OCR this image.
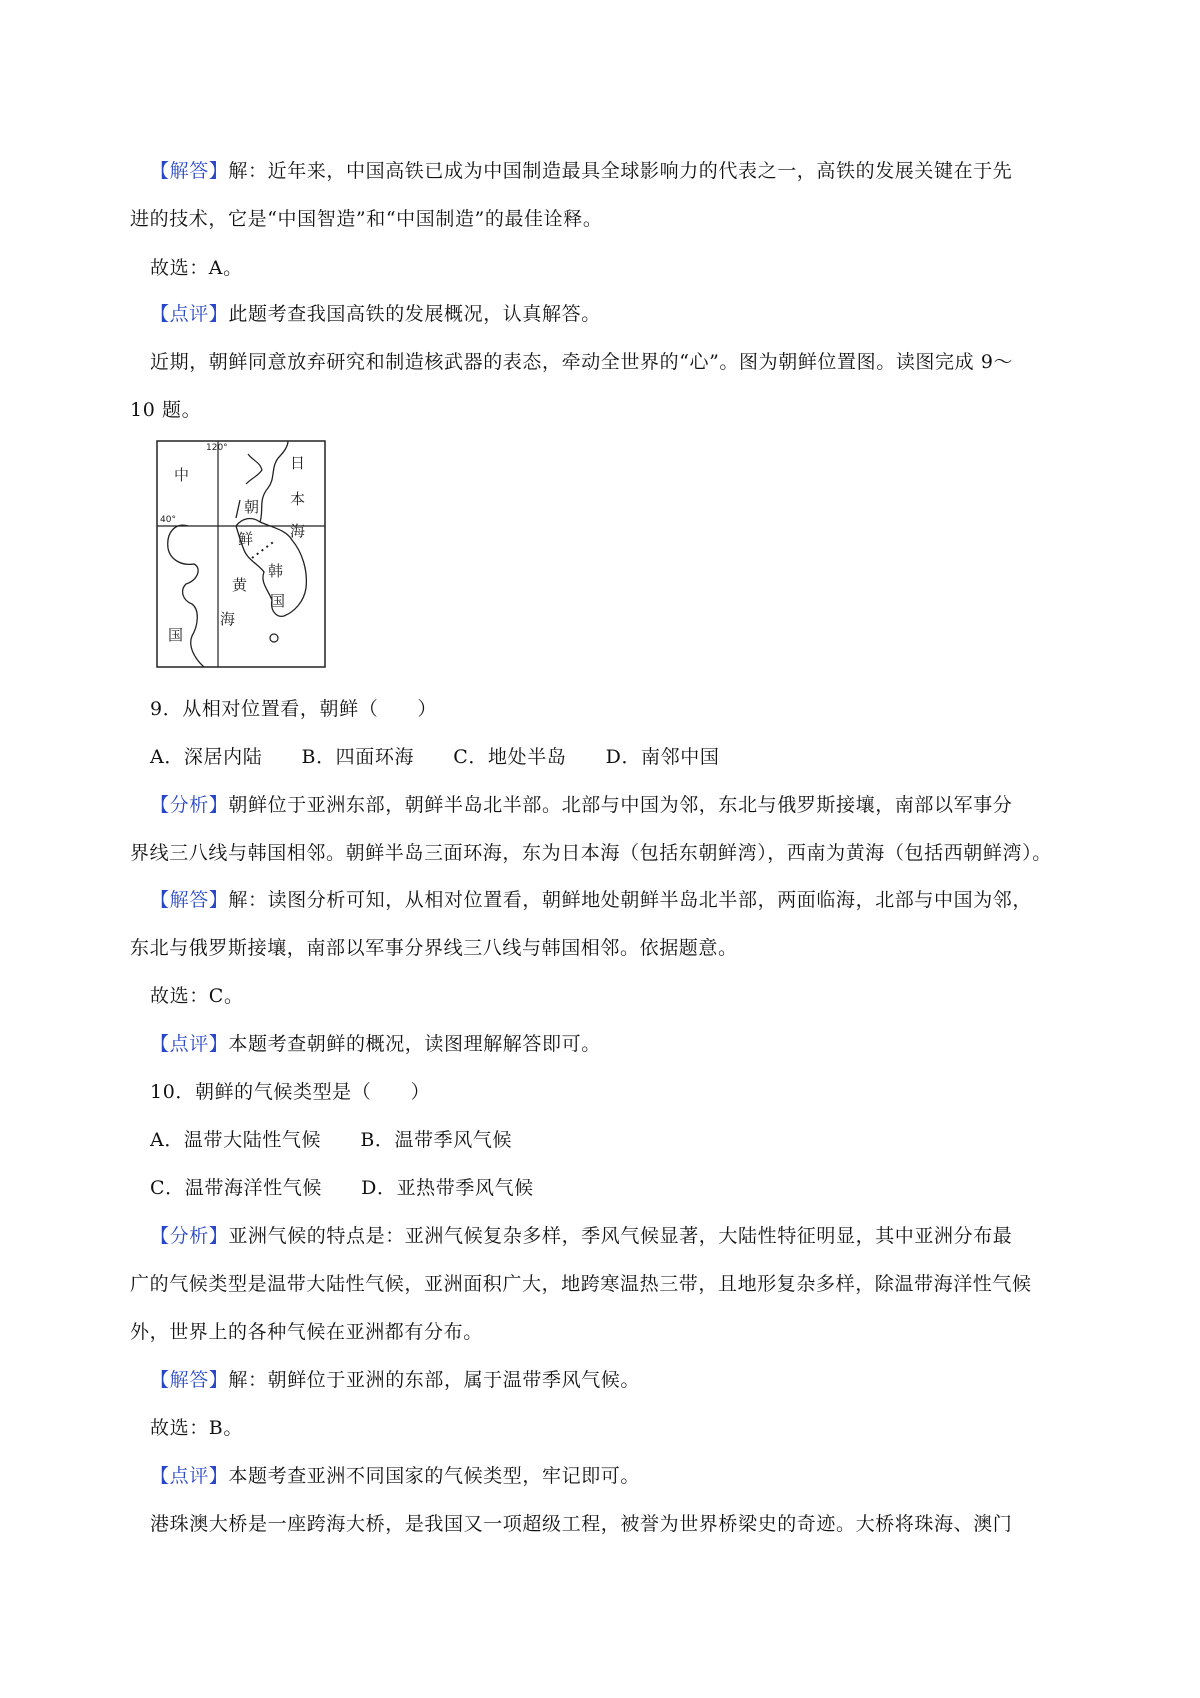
【解答】解：近年来，中国高铁已成为中国制造最具全球影响力的代表之一，高铁的发展关键在于先
进的技术，它是“中国智造”和“中国制造”的最佳诠释。
故选：A。
【点评】此题考查我国高铁的发展概况，认真解答。
近期，朝鲜同意放弃研究和制造核武器的表态，牵动全世界的“心”。图为朝鲜位置图。读图完成 9～
10 题。
120°
40°
中
国
朝
鲜
日
本
海
韩
国
黄
海
9．从相对位置看，朝鲜（　　）
A．深居内陆　　B．四面环海　　C．地处半岛　　D．南邻中国
【分析】朝鲜位于亚洲东部，朝鲜半岛北半部。北部与中国为邻，东北与俄罗斯接壤，南部以军事分
界线三八线与韩国相邻。朝鲜半岛三面环海，东为日本海（包括东朝鲜湾），西南为黄海（包括西朝鲜湾）。
【解答】解：读图分析可知，从相对位置看，朝鲜地处朝鲜半岛北半部，两面临海，北部与中国为邻，
东北与俄罗斯接壤，南部以军事分界线三八线与韩国相邻。依据题意。
故选：C。
【点评】本题考查朝鲜的概况，读图理解解答即可。
10．朝鲜的气候类型是（　　）
A．温带大陆性气候　　B．温带季风气候
C．温带海洋性气候　　D．亚热带季风气候
【分析】亚洲气候的特点是：亚洲气候复杂多样，季风气候显著，大陆性特征明显，其中亚洲分布最
广的气候类型是温带大陆性气候，亚洲面积广大，地跨寒温热三带，且地形复杂多样，除温带海洋性气候
外，世界上的各种气候在亚洲都有分布。
【解答】解：朝鲜位于亚洲的东部，属于温带季风气候。
故选：B。
【点评】本题考查亚洲不同国家的气候类型，牢记即可。
港珠澳大桥是一座跨海大桥，是我国又一项超级工程，被誉为世界桥梁史的奇迹。大桥将珠海、澳门
